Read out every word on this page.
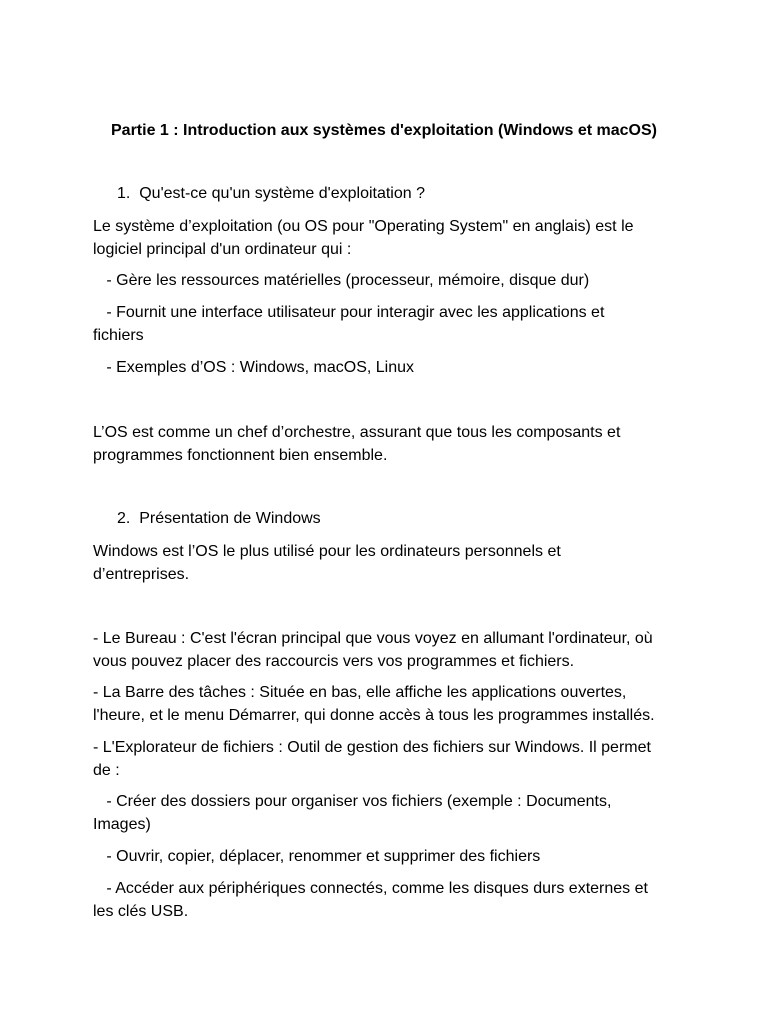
Partie 1 : Introduction aux systèmes d'exploitation (Windows et macOS)

1.  Qu'est-ce qu'un système d'exploitation ?

Le système d’exploitation (ou OS pour "Operating System" en anglais) est le

logiciel principal d'un ordinateur qui :

- Gère les ressources matérielles (processeur, mémoire, disque dur)

- Fournit une interface utilisateur pour interagir avec les applications et

fichiers

- Exemples d’OS : Windows, macOS, Linux

L’OS est comme un chef d’orchestre, assurant que tous les composants et

programmes fonctionnent bien ensemble.

2.  Présentation de Windows

Windows est l’OS le plus utilisé pour les ordinateurs personnels et

d’entreprises.

- Le Bureau : C'est l'écran principal que vous voyez en allumant l'ordinateur, où

vous pouvez placer des raccourcis vers vos programmes et fichiers.

- La Barre des tâches : Située en bas, elle affiche les applications ouvertes,

l'heure, et le menu Démarrer, qui donne accès à tous les programmes installés.

- L'Explorateur de fichiers : Outil de gestion des fichiers sur Windows. Il permet

de :

- Créer des dossiers pour organiser vos fichiers (exemple : Documents,

Images)

- Ouvrir, copier, déplacer, renommer et supprimer des fichiers

- Accéder aux périphériques connectés, comme les disques durs externes et

les clés USB.
